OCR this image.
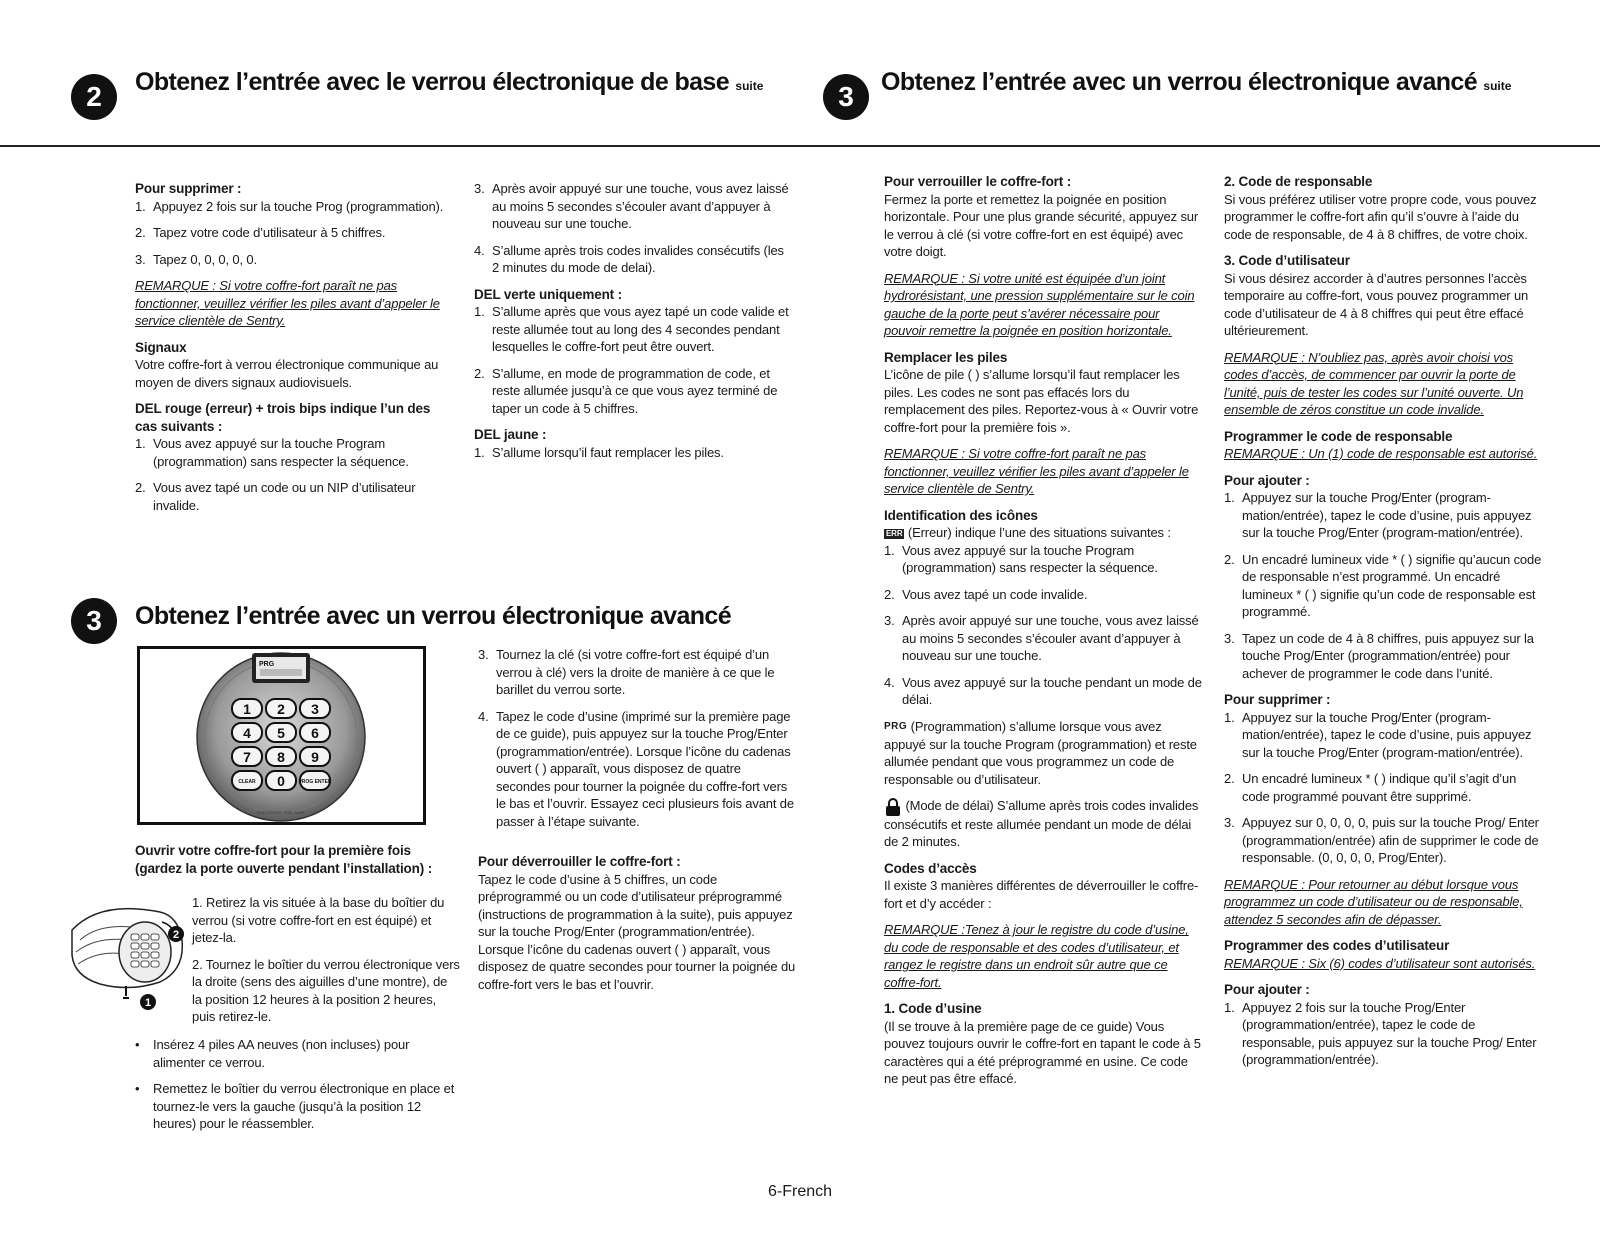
2	Obtenez l’entrée avec le verrou électronique de base suite	3	Obtenez l’entrée avec un verrou électronique avancé suite
Pour supprimer :
1. Appuyez 2 fois sur la touche Prog (programmation).
2. Tapez votre code d’utilisateur à 5 chiffres.
3. Tapez 0, 0, 0, 0, 0.

REMARQUE : Si votre coffre-fort paraît ne pas fonctionner, veuillez vérifier les piles avant d’appeler le service clientèle de Sentry.

Signaux

Votre coffre-fort à verrou électronique communique au moyen de divers signaux audiovisuels.

DEL rouge (erreur) + trois bips indique l’un des cas suivants :
1. Vous avez appuyé sur la touche Program (programmation) sans respecter la séquence.
2. Vous avez tapé un code ou un NIP d’utilisateur invalide.
3. Après avoir appuyé sur une touche, vous avez laissé au moins 5 secondes s’écouler avant d’appuyer à nouveau sur une touche.
4. S’allume après trois codes invalides consécutifs (les 2 minutes du mode de delai).
DEL verte uniquement :
1. S’allume après que vous ayez tapé un code valide et reste allumée tout au long des 4 secondes pendant lesquelles le coffre-fort peut être ouvert.
2. S’allume, en mode de programmation de code, et reste allumée jusqu’à ce que vous ayez terminé de taper un code à 5 chiffres.
DEL jaune :
1. S’allume lorsqu’il faut remplacer les piles.
3	Obtenez l’entrée avec un verrou électronique avancé
PRG
1 2 3
4 5 6
7 8 9
CLEAR 0	PROG ENTER
ELECTRONIC FIRE-SAFE
Ouvrir votre coffre-fort pour la première fois (gardez la porte ouverte pendant l’installation) :
2
1

1. Retirez la vis située à la base du boîtier du verrou (si votre coffre-fort en est équipé) et jetez-la.

2. Tournez le boîtier du verrou électronique vers la droite (sens des aiguilles d’une montre), de la position 12 heures à la position 2 heures, puis retirez-le.

• Insérez 4 piles AA neuves (non incluses) pour alimenter ce verrou.
• Remettez le boîtier du verrou électronique en place et tournez-le vers la gauche (jusqu’à la position 12 heures) pour le réassembler.
3. Tournez la clé (si votre coffre-fort est équipé d’un verrou à clé) vers la droite de manière à ce que le barillet du verrou sorte.
4. Tapez le code d’usine (imprimé sur la première page de ce guide), puis appuyez sur la touche Prog/Enter (programmation/entrée). Lorsque l’icône du cadenas ouvert ( ) apparaît, vous disposez de quatre secondes pour tourner la poignée du coffre-fort vers le bas et l’ouvrir. Essayez ceci plusieurs fois avant de passer à l’étape suivante.
Pour déverrouiller le coffre-fort :

Tapez le code d’usine à 5 chiffres, un code préprogrammé ou un code d’utilisateur préprogrammé (instructions de programmation à la suite), puis appuyez sur la touche Prog/Enter (programmation/entrée). Lorsque l’icône du cadenas ouvert ( ) apparaît, vous disposez de quatre secondes pour tourner la poignée du coffre-fort vers le bas et l’ouvrir.

Pour verrouiller le coffre-fort :

Fermez la porte et remettez la poignée en position horizontale. Pour une plus grande sécurité, appuyez sur le verrou à clé (si votre coffre-fort en est équipé) avec votre doigt.

REMARQUE : Si votre unité est équipée d’un joint hydrorésistant, une pression supplémentaire sur le coin gauche de la porte peut s’avérer nécessaire pour pouvoir remettre la poignée en position horizontale.

Remplacer les piles

L’icône de pile ( ) s’allume lorsqu’il faut remplacer les piles. Les codes ne sont pas effacés lors du remplacement des piles. Reportez-vous à « Ouvrir votre coffre-fort pour la première fois ».

REMARQUE : Si votre coffre-fort paraît ne pas fonctionner, veuillez vérifier les piles avant d’appeler le service clientèle de Sentry.

Identification des icônes
ERR (Erreur) indique l’une des situations suivantes :
1. Vous avez appuyé sur la touche Program (programmation) sans respecter la séquence.
2. Vous avez tapé un code invalide.
3. Après avoir appuyé sur une touche, vous avez laissé au moins 5 secondes s’écouler avant d’appuyer à nouveau sur une touche.
4. Vous avez appuyé sur la touche pendant un mode de délai.

PRG (Programmation) s’allume lorsque vous avez appuyé sur la touche Program (programmation) et reste allumée pendant que vous programmez un code de responsable ou d’utilisateur.

(Mode de délai) S’allume après trois codes invalides consécutifs et reste allumée pendant un mode de délai de 2 minutes.

Codes d’accès

Il existe 3 manières différentes de déverrouiller le coffre-fort et d’y accéder :

REMARQUE :Tenez à jour le registre du code d’usine, du code de responsable et des codes d’utilisateur, et rangez le registre dans un endroit sûr autre que ce coffre-fort.

1. Code d’usine

(Il se trouve à la première page de ce guide) Vous pouvez toujours ouvrir le coffre-fort en tapant le code à 5 caractères qui a été préprogrammé en usine. Ce code ne peut pas être effacé.

2. Code de responsable

Si vous préférez utiliser votre propre code, vous pouvez programmer le coffre-fort afin qu’il s’ouvre à l’aide du code de responsable, de 4 à 8 chiffres, de votre choix.

3. Code d’utilisateur

Si vous désirez accorder à d’autres personnes l’accès temporaire au coffre-fort, vous pouvez programmer un code d’utilisateur de 4 à 8 chiffres qui peut être effacé ultérieurement.

REMARQUE : N’oubliez pas, après avoir choisi vos codes d’accès, de commencer par ouvrir la porte de l’unité, puis de tester les codes sur l’unité ouverte. Un ensemble de zéros constitue un code invalide.

Programmer le code de responsable

REMARQUE : Un (1) code de responsable est autorisé.

Pour ajouter :
1. Appuyez sur la touche Prog/Enter (program-mation/entrée), tapez le code d’usine, puis appuyez sur la touche Prog/Enter (program-mation/entrée).
2. Un encadré lumineux vide * ( ) signifie qu’aucun code de responsable n’est programmé. Un encadré lumineux * ( ) signifie qu’un code de responsable est programmé.
3. Tapez un code de 4 à 8 chiffres, puis appuyez sur la touche Prog/Enter (programmation/entrée) pour achever de programmer le code dans l’unité.
Pour supprimer :
1. Appuyez sur la touche Prog/Enter (program-mation/entrée), tapez le code d’usine, puis appuyez sur la touche Prog/Enter (program-mation/entrée).
2. Un encadré lumineux * ( ) indique qu’il s’agit d’un code programmé pouvant être supprimé.
3. Appuyez sur 0, 0, 0, 0, puis sur la touche Prog/ Enter (programmation/entrée) afin de supprimer le code de responsable. (0, 0, 0, 0, Prog/Enter).

REMARQUE : Pour retourner au début lorsque vous programmez un code d’utilisateur ou de responsable, attendez 5 secondes afin de dépasser.

Programmer des codes d’utilisateur

REMARQUE : Six (6) codes d’utilisateur sont autorisés.

Pour ajouter :
1. Appuyez 2 fois sur la touche Prog/Enter (programmation/entrée), tapez le code de responsable, puis appuyez sur la touche Prog/ Enter (programmation/entrée).
6-French
